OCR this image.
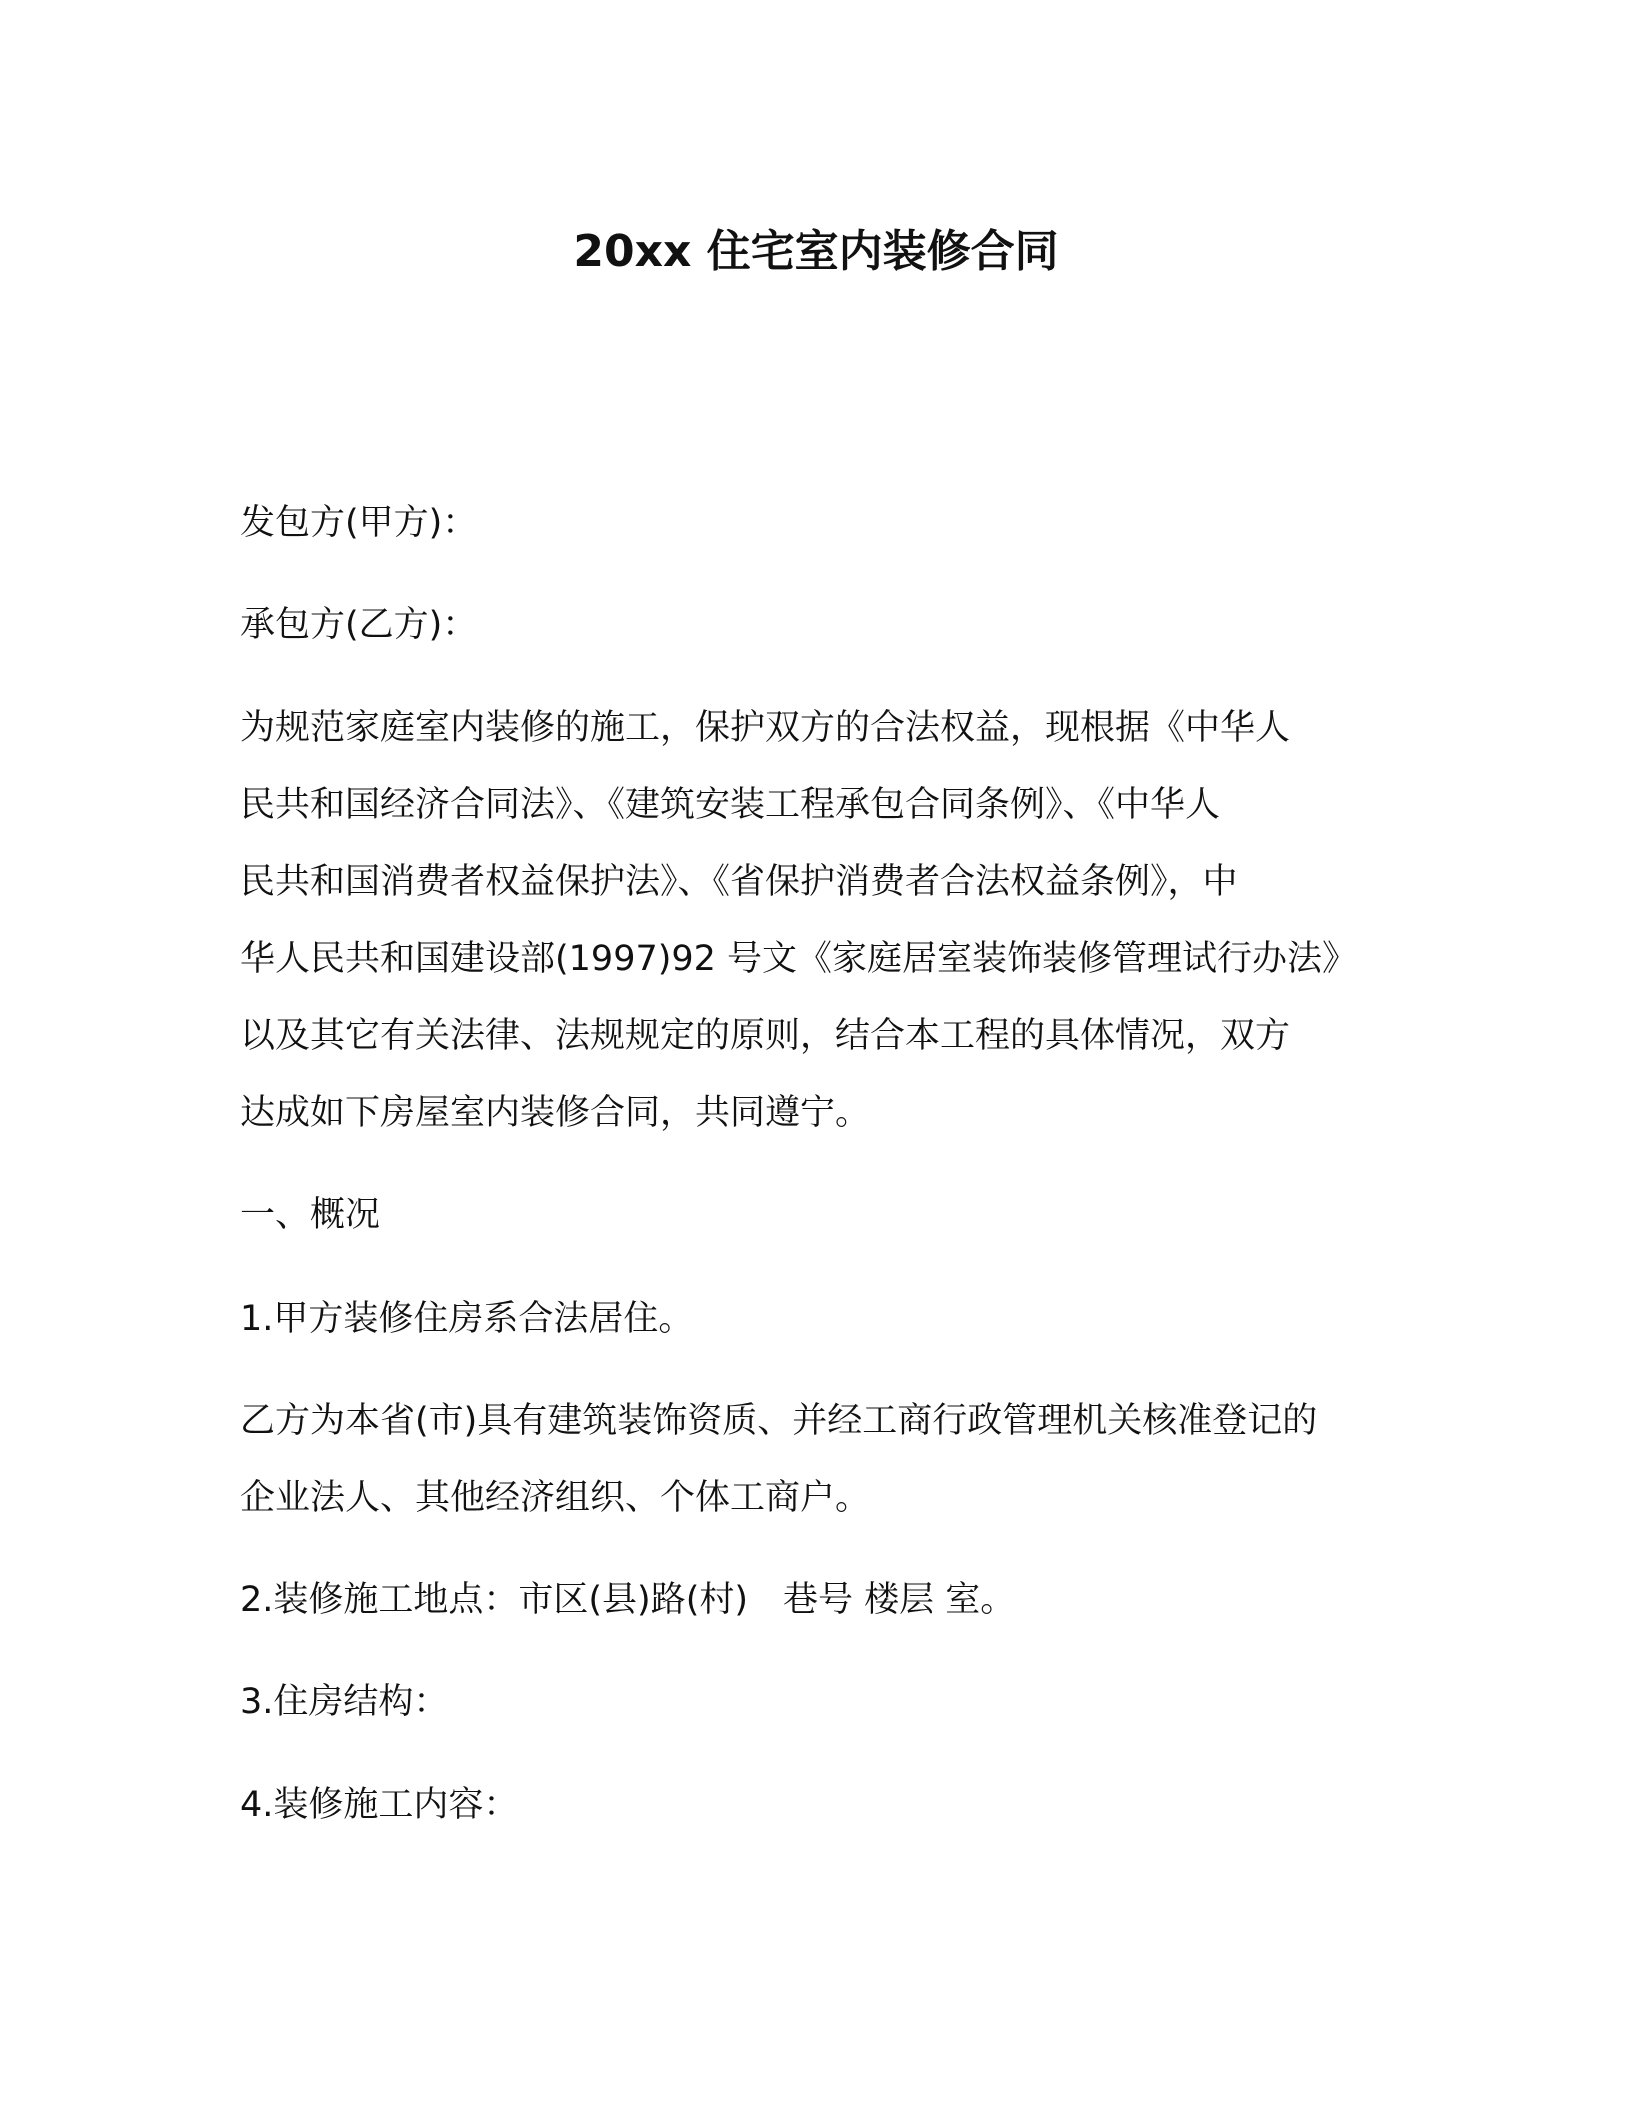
20xx 住宅室内装修合同
发包方(甲方)：
承包方(乙方)：
为规范家庭室内装修的施工，保护双方的合法权益，现根据《中华人
民共和国经济合同法》、《建筑安装工程承包合同条例》、《中华人
民共和国消费者权益保护法》、《省保护消费者合法权益条例》，中
华人民共和国建设部(1997)92 号文《家庭居室装饰装修管理试行办法》
以及其它有关法律、法规规定的原则，结合本工程的具体情况，双方
达成如下房屋室内装修合同，共同遵宁。
一、概况
1.甲方装修住房系合法居住。
乙方为本省(市)具有建筑装饰资质、并经工商行政管理机关核准登记的
企业法人、其他经济组织、个体工商户。
2.装修施工地点：市区(县)路(村)　巷号 楼层 室。
3.住房结构：
4.装修施工内容：
